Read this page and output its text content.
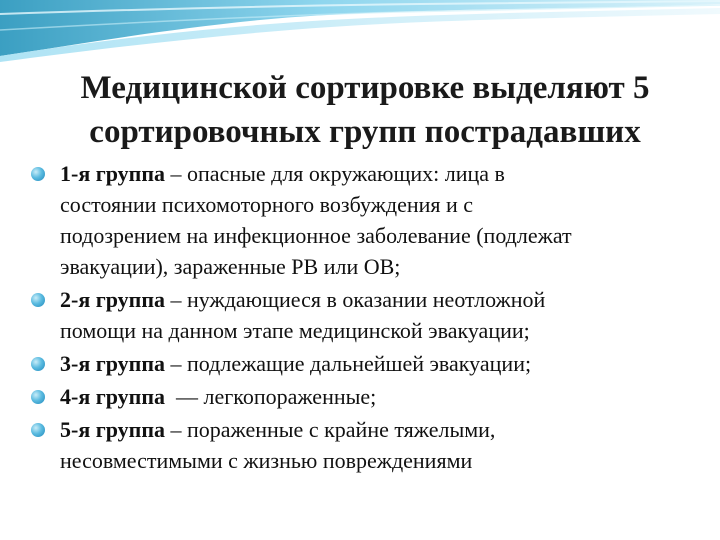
Медицинской сортировке выделяют 5
сортировочных групп пострадавших
1-я группа – опасные для окружающих: лица в
состоянии психомоторного возбуждения и с
подозрением на инфекционное заболевание (подлежат
эвакуации), зараженные РВ или ОВ;
2-я группа – нуждающиеся в оказании неотложной
помощи на данном этапе медицинской эвакуации;
3-я группа – подлежащие дальнейшей эвакуации;
4-я группа  — легкопораженные;
5-я группа – пораженные с крайне тяжелыми,
несовместимыми с жизнью повреждениями
